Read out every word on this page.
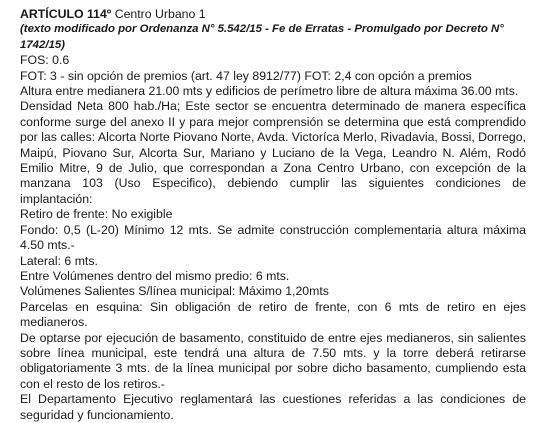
ARTÍCULO 114º Centro Urbano 1

(texto modificado por Ordenanza N° 5.542/15 - Fe de Erratas - Promulgado por Decreto N° 1742/15)

FOS: 0.6

FOT: 3 - sin opción de premios (art. 47 ley 8912/77) FOT: 2,4 con opción a premios

Altura entre medianera 21.00 mts y edificios de perímetro libre de altura máxima 36.00 mts.

Densidad Neta 800 hab./Ha; Este sector se encuentra determinado de manera específica conforme surge del anexo II y para mejor comprensión se determina que está comprendido por las calles: Alcorta Norte Piovano Norte, Avda. Victoríca Merlo, Rivadavia, Bossi, Dorrego, Maipú, Piovano Sur, Alcorta Sur, Mariano y Luciano de la Vega, Leandro N. Além, Rodó Emilio Mitre, 9 de Julio, que correspondan a Zona Centro Urbano, con excepción de la manzana 103 (Uso Especifico), debiendo cumplir las siguientes condiciones de implantación:

Retiro de frente: No exigible

Fondo: 0,5 (L-20) Mínimo 12 mts. Se admite construcción complementaria altura máxima 4.50 mts.-

Lateral: 6 mts.

Entre Volúmenes dentro del mismo predio: 6 mts.

Volúmenes Salientes S/línea municipal: Máximo 1,20mts

Parcelas en esquina: Sin obligación de retiro de frente, con 6 mts de retiro en ejes medianeros.

De optarse por ejecución de basamento, constituido de entre ejes medianeros, sin salientes sobre línea municipal, este tendrá una altura de 7.50 mts. y la torre deberá retirarse obligatoriamente 3 mts. de la línea municipal por sobre dicho basamento, cumpliendo esta con el resto de los retiros.-

El Departamento Ejecutivo reglamentará las cuestiones referidas a las condiciones de seguridad y funcionamiento.
